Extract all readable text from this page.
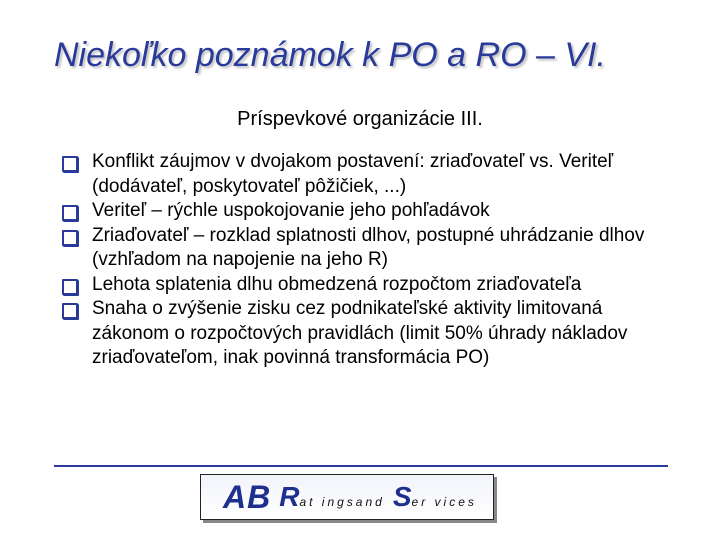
Niekoľko poznámok k PO a RO – VI.
Príspevkové organizácie III.
Konflikt záujmov v dvojakom postavení: zriaďovateľ vs. Veriteľ (dodávateľ, poskytovateľ pôžičiek, ...)
Veriteľ – rýchle uspokojovanie jeho pohľadávok
Zriaďovateľ – rozklad splatnosti dlhov, postupné uhrádzanie dlhov (vzhľadom na napojenie na jeho R)
Lehota splatenia dlhu obmedzená rozpočtom zriaďovateľa
Snaha o zvýšenie zisku cez podnikateľské aktivity limitovaná zákonom o rozpočtových pravidlách (limit 50% úhrady nákladov zriaďovateľom, inak povinná transformácia PO)
AB R at ingsand S er vices
